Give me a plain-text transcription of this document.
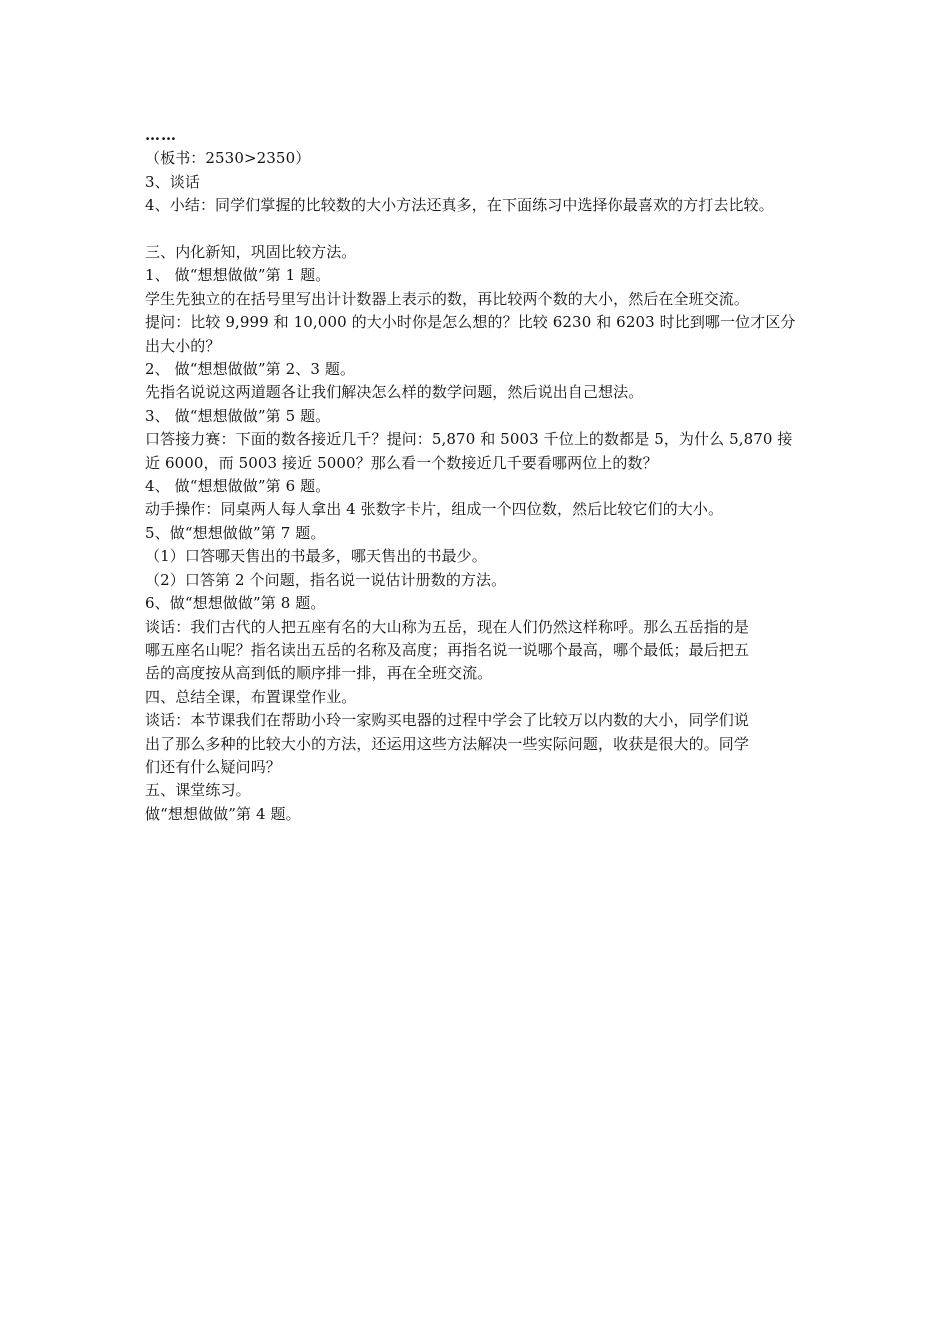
……

（板书：2530>2350）

3、谈话

4、小结：同学们掌握的比较数的大小方法还真多，在下面练习中选择你最喜欢的方打去比较。

三、内化新知，巩固比较方法。

1、 做“想想做做”第 1 题。

学生先独立的在括号里写出计计数器上表示的数，再比较两个数的大小，然后在全班交流。

提问：比较 9,999 和 10,000 的大小时你是怎么想的？比较 6230 和 6203 时比到哪一位才区分

出大小的？

2、 做“想想做做”第 2、3 题。

先指名说说这两道题各让我们解决怎么样的数学问题，然后说出自己想法。

3、 做“想想做做”第 5 题。

口答接力赛：下面的数各接近几千？提问：5,870 和 5003 千位上的数都是 5，为什么 5,870 接

近 6000，而 5003 接近 5000？那么看一个数接近几千要看哪两位上的数？

4、 做“想想做做”第 6 题。

动手操作：同桌两人每人拿出 4 张数字卡片，组成一个四位数，然后比较它们的大小。

5、做“想想做做”第 7 题。

（1）口答哪天售出的书最多，哪天售出的书最少。

（2）口答第 2 个问题，指名说一说估计册数的方法。

6、做“想想做做”第 8 题。

谈话：我们古代的人把五座有名的大山称为五岳，现在人们仍然这样称呼。那么五岳指的是

哪五座名山呢？指名读出五岳的名称及高度；再指名说一说哪个最高，哪个最低；最后把五

岳的高度按从高到低的顺序排一排，再在全班交流。

四、总结全课，布置课堂作业。

谈话：本节课我们在帮助小玲一家购买电器的过程中学会了比较万以内数的大小，同学们说

出了那么多种的比较大小的方法，还运用这些方法解决一些实际问题，收获是很大的。同学

们还有什么疑问吗？

五、课堂练习。

做“想想做做”第 4 题。
